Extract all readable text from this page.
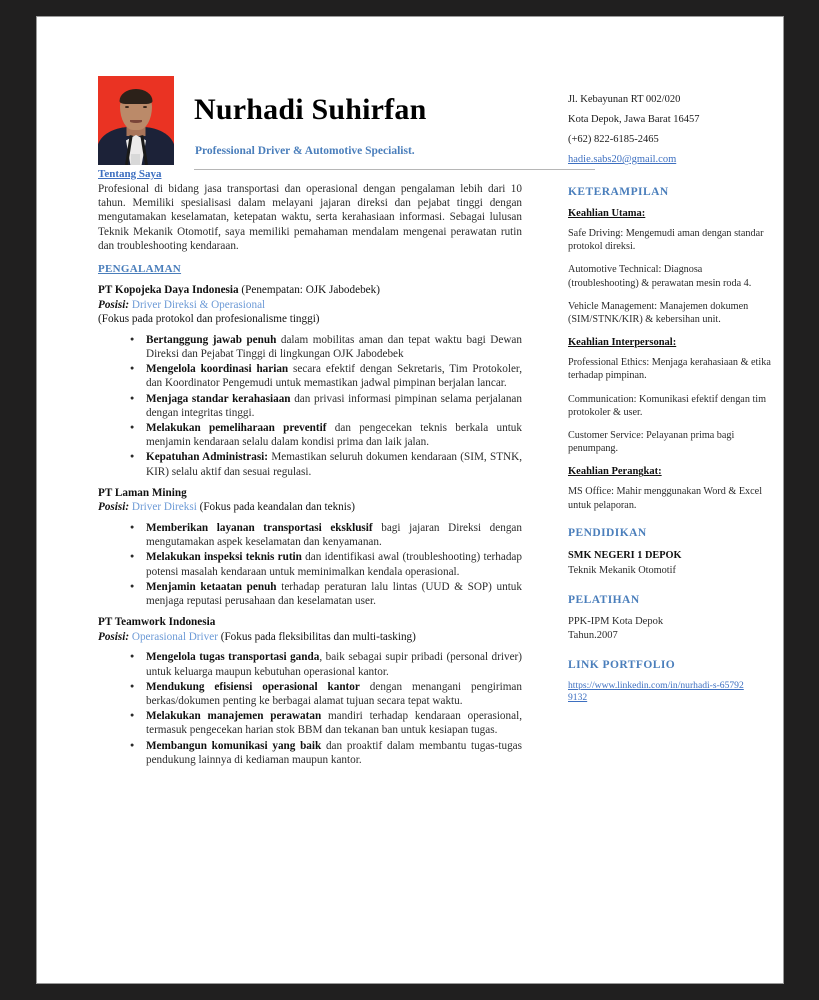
Nurhadi Suhirfan
Professional Driver & Automotive Specialist.
Jl. Kebayunan RT 002/020
Kota Depok, Jawa Barat 16457
(+62) 822-6185-2465
hadie.sabs20@gmail.com
Tentang Saya

Profesional di bidang jasa transportasi dan operasional dengan pengalaman lebih dari 10 tahun. Memiliki spesialisasi dalam melayani jajaran direksi dan pejabat tinggi dengan mengutamakan keselamatan, ketepatan waktu, serta kerahasiaan informasi. Sebagai lulusan Teknik Mekanik Otomotif, saya memiliki pemahaman mendalam mengenai perawatan rutin dan troubleshooting kendaraan.

PENGALAMAN

PT Kopojeka Daya Indonesia (Penempatan: OJK Jabodebek)

Posisi: Driver Direksi & Operasional

(Fokus pada protokol dan profesionalisme tinggi)

● Bertanggung jawab penuh dalam mobilitas aman dan tepat waktu bagi Dewan Direksi dan Pejabat Tinggi di lingkungan OJK Jabodebek
● Mengelola koordinasi harian secara efektif dengan Sekretaris, Tim Protokoler, dan Koordinator Pengemudi untuk memastikan jadwal pimpinan berjalan lancar.
● Menjaga standar kerahasiaan dan privasi informasi pimpinan selama perjalanan dengan integritas tinggi.
● Melakukan pemeliharaan preventif dan pengecekan teknis berkala untuk menjamin kendaraan selalu dalam kondisi prima dan laik jalan.
● Kepatuhan Administrasi: Memastikan seluruh dokumen kendaraan (SIM, STNK, KIR) selalu aktif dan sesuai regulasi.

PT Laman Mining

Posisi: Driver Direksi (Fokus pada keandalan dan teknis)

● Memberikan layanan transportasi eksklusif bagi jajaran Direksi dengan mengutamakan aspek keselamatan dan kenyamanan.
● Melakukan inspeksi teknis rutin dan identifikasi awal (troubleshooting) terhadap potensi masalah kendaraan untuk meminimalkan kendala operasional.
● Menjamin ketaatan penuh terhadap peraturan lalu lintas (UUD & SOP) untuk menjaga reputasi perusahaan dan keselamatan user.

PT Teamwork Indonesia

Posisi: Operasional Driver (Fokus pada fleksibilitas dan multi-tasking)

● Mengelola tugas transportasi ganda, baik sebagai supir pribadi (personal driver) untuk keluarga maupun kebutuhan operasional kantor.
● Mendukung efisiensi operasional kantor dengan menangani pengiriman berkas/dokumen penting ke berbagai alamat tujuan secara tepat waktu.
● Melakukan manajemen perawatan mandiri terhadap kendaraan operasional, termasuk pengecekan harian stok BBM dan tekanan ban untuk kesiapan tugas.
● Membangun komunikasi yang baik dan proaktif dalam membantu tugas-tugas pendukung lainnya di kediaman maupun kantor.
KETERAMPILAN
Keahlian Utama:

Safe Driving: Mengemudi aman dengan standar protokol direksi.

Automotive Technical: Diagnosa (troubleshooting) & perawatan mesin roda 4.

Vehicle Management: Manajemen dokumen (SIM/STNK/KIR) & kebersihan unit.

Keahlian Interpersonal:

Professional Ethics: Menjaga kerahasiaan & etika terhadap pimpinan.

Communication: Komunikasi efektif dengan tim protokoler & user.

Customer Service: Pelayanan prima bagi penumpang.

Keahlian Perangkat:

MS Office: Mahir menggunakan Word & Excel untuk pelaporan.

PENDIDIKAN

SMK NEGERI 1 DEPOK

Teknik Mekanik Otomotif

PELATIHAN

PPK-IPM Kota Depok

Tahun.2007

LINK PORTFOLIO
https://www.linkedin.com/in/nurhadi-s-657929132
